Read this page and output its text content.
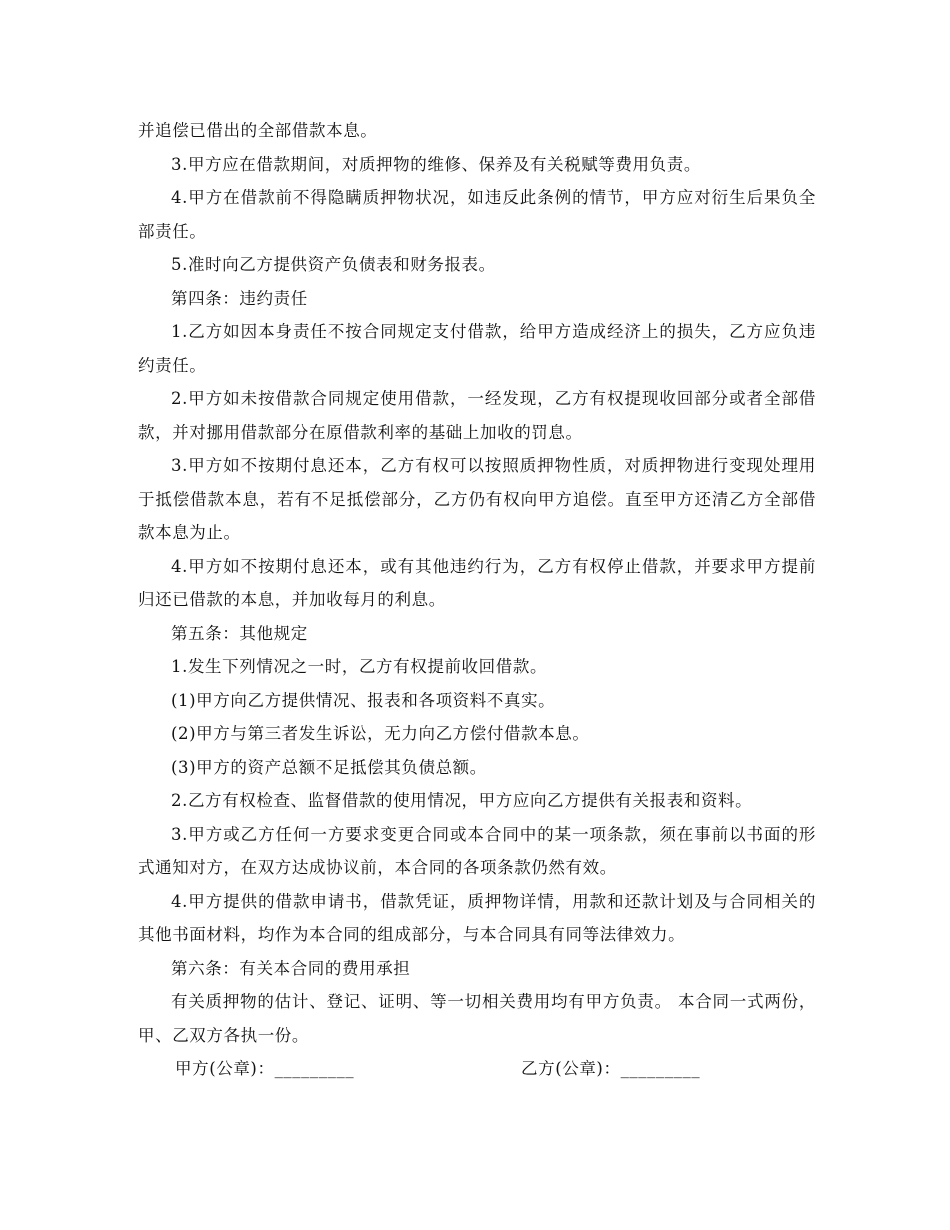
并追偿已借出的全部借款本息。

3.甲方应在借款期间，对质押物的维修、保养及有关税赋等费用负责。

4.甲方在借款前不得隐瞒质押物状况，如违反此条例的情节，甲方应对衍生后果负全部责任。

5.准时向乙方提供资产负债表和财务报表。

第四条：违约责任

1.乙方如因本身责任不按合同规定支付借款，给甲方造成经济上的损失，乙方应负违约责任。

2.甲方如未按借款合同规定使用借款，一经发现，乙方有权提现收回部分或者全部借款，并对挪用借款部分在原借款利率的基础上加收的罚息。

3.甲方如不按期付息还本，乙方有权可以按照质押物性质，对质押物进行变现处理用于抵偿借款本息，若有不足抵偿部分，乙方仍有权向甲方追偿。直至甲方还清乙方全部借款本息为止。

4.甲方如不按期付息还本，或有其他违约行为，乙方有权停止借款，并要求甲方提前归还已借款的本息，并加收每月的利息。

第五条：其他规定

1.发生下列情况之一时，乙方有权提前收回借款。

(1)甲方向乙方提供情况、报表和各项资料不真实。

(2)甲方与第三者发生诉讼，无力向乙方偿付借款本息。

(3)甲方的资产总额不足抵偿其负债总额。

2.乙方有权检查、监督借款的使用情况，甲方应向乙方提供有关报表和资料。

3.甲方或乙方任何一方要求变更合同或本合同中的某一项条款，须在事前以书面的形式通知对方，在双方达成协议前，本合同的各项条款仍然有效。

4.甲方提供的借款申请书，借款凭证，质押物详情，用款和还款计划及与合同相关的其他书面材料，均作为本合同的组成部分，与本合同具有同等法律效力。

第六条：有关本合同的费用承担

有关质押物的估计、登记、证明、等一切相关费用均有甲方负责。 本合同一式两份，甲、乙双方各执一份。

甲方(公章)：_________	乙方(公章)：_________
